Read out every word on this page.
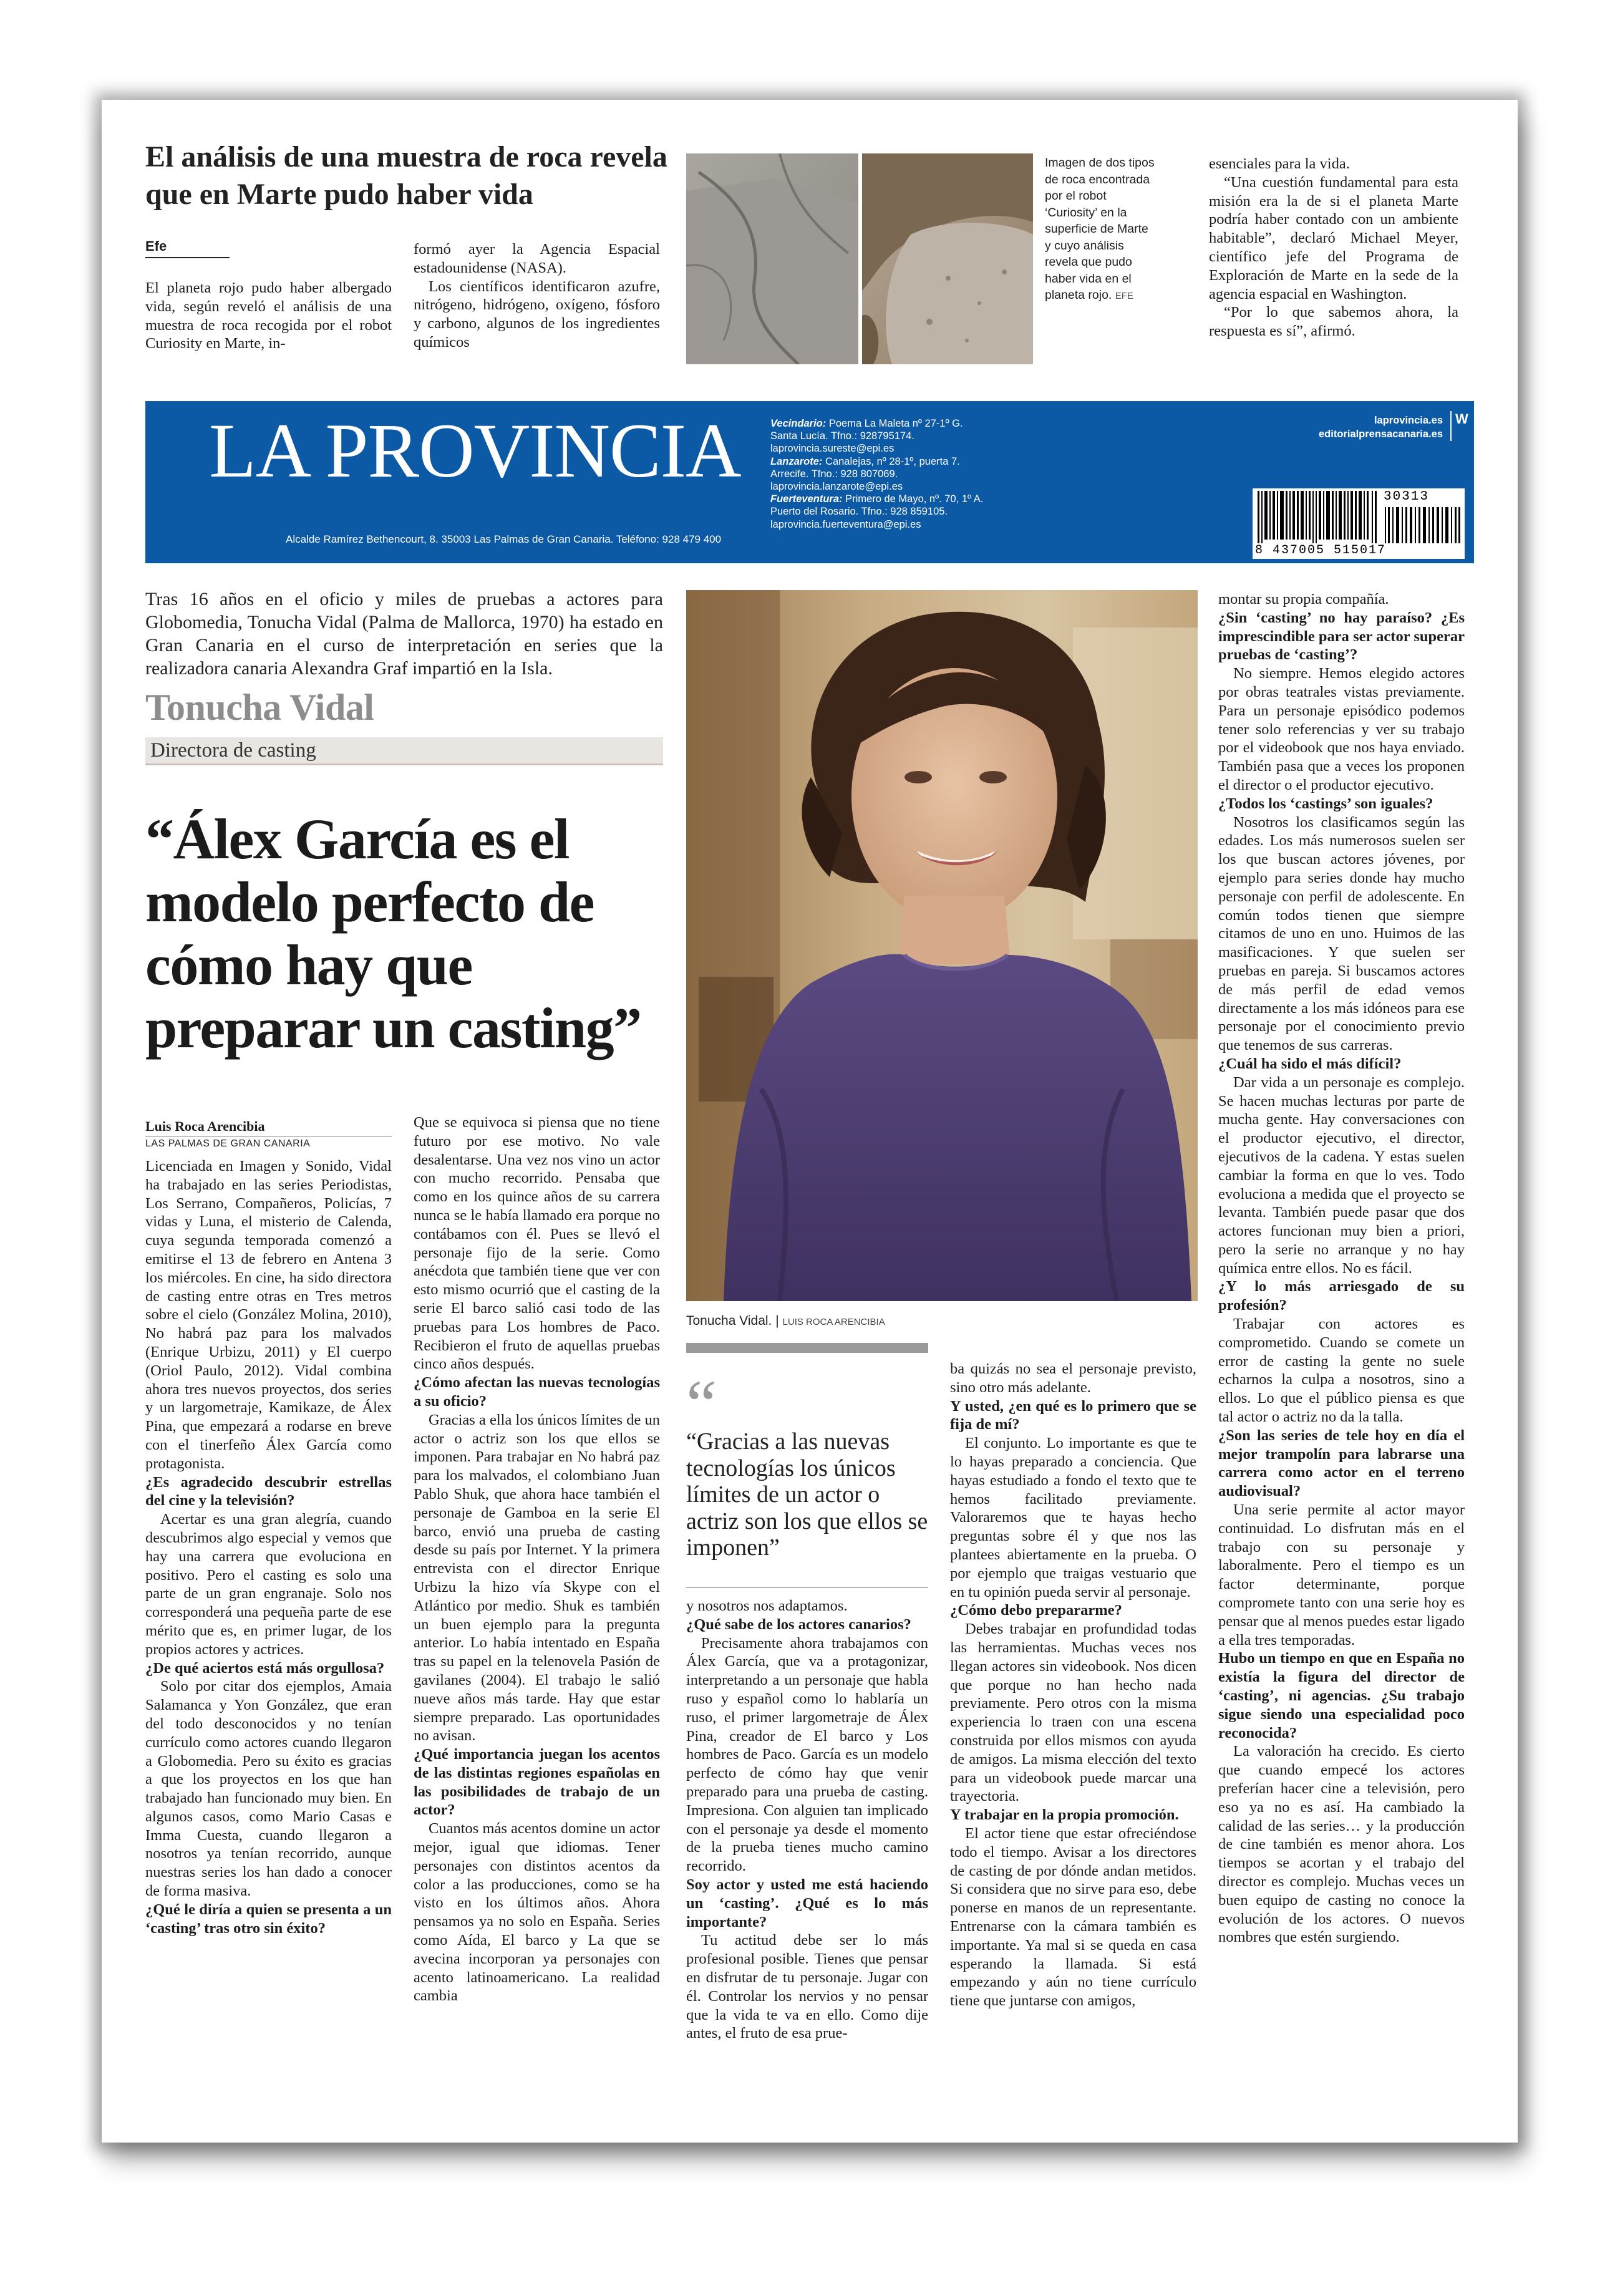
El análisis de una muestra de roca revela que en Marte pudo haber vida
Efe

El planeta rojo pudo haber albergado vida, según reveló el análisis de una muestra de roca recogida por el robot Curiosity en Marte, in-

formó ayer la Agencia Espacial estadounidense (NASA).

Los científicos identificaron azufre, nitrógeno, hidrógeno, oxígeno, fósforo y carbono, algunos de los ingredientes químicos

Imagen de dos tipos de roca encontrada por el robot ‘Curiosity’ en la superficie de Marte y cuyo análisis revela que pudo haber vida en el planeta rojo. EFE

esenciales para la vida.

“Una cuestión fundamental para esta misión era la de si el planeta Marte podría haber contado con un ambiente habitable”, declaró Michael Meyer, científico jefe del Programa de Exploración de Marte en la sede de la agencia espacial en Washington.

“Por lo que sabemos ahora, la respuesta es sí”, afirmó.

LA PROVINCIA
Alcalde Ramírez Bethencourt, 8. 35003 Las Palmas de Gran Canaria. Teléfono: 928 479 400
Vecindario: Poema La Maleta nº 27-1º G.
Santa Lucía. Tfno.: 928795174.
laprovincia.sureste@epi.es
Lanzarote: Canalejas, nº 28-1º, puerta 7.
Arrecife. Tfno.: 928 807069.
laprovincia.lanzarote@epi.es
Fuerteventura: Primero de Mayo, nº. 70, 1º A.
Puerto del Rosario. Tfno.: 928 859105.
laprovincia.fuerteventura@epi.es
laprovincia.es
editorialprensacanaria.es
W
30313
8 437005 515017
Tras 16 años en el oficio y miles de pruebas a actores para Globomedia, Tonucha Vidal (Palma de Mallorca, 1970) ha estado en Gran Canaria en el curso de interpretación en series que la realizadora canaria Alexandra Graf impartió en la Isla.
Tonucha Vidal
Directora de casting
“Álex García es el modelo perfecto de cómo hay que preparar un casting”
Luis Roca Arencibia
LAS PALMAS DE GRAN CANARIA

Licenciada en Imagen y Sonido, Vidal ha trabajado en las series Periodistas, Los Serrano, Compañeros, Policías, 7 vidas y Luna, el misterio de Calenda, cuya segunda temporada comenzó a emitirse el 13 de febrero en Antena 3 los miércoles. En cine, ha sido directora de casting entre otras en Tres metros sobre el cielo (González Molina, 2010), No habrá paz para los malvados (Enrique Urbizu, 2011) y El cuerpo (Oriol Paulo, 2012). Vidal combina ahora tres nuevos proyectos, dos series y un largometraje, Kamikaze, de Álex Pina, que empezará a rodarse en breve con el tinerfeño Álex García como protagonista.

¿Es agradecido descubrir estrellas del cine y la televisión?

Acertar es una gran alegría, cuando descubrimos algo especial y vemos que hay una carrera que evoluciona en positivo. Pero el casting es solo una parte de un gran engranaje. Solo nos corresponderá una pequeña parte de ese mérito que es, en primer lugar, de los propios actores y actrices.

¿De qué aciertos está más orgullosa?

Solo por citar dos ejemplos, Amaia Salamanca y Yon González, que eran del todo desconocidos y no tenían currículo como actores cuando llegaron a Globomedia. Pero su éxito es gracias a que los proyectos en los que han trabajado han funcionado muy bien. En algunos casos, como Mario Casas e Imma Cuesta, cuando llegaron a nosotros ya tenían recorrido, aunque nuestras series los han dado a conocer de forma masiva.

¿Qué le diría a quien se presenta a un ‘casting’ tras otro sin éxito?

Que se equivoca si piensa que no tiene futuro por ese motivo. No vale desalentarse. Una vez nos vino un actor con mucho recorrido. Pensaba que como en los quince años de su carrera nunca se le había llamado era porque no contábamos con él. Pues se llevó el personaje fijo de la serie. Como anécdota que también tiene que ver con esto mismo ocurrió que el casting de la serie El barco salió casi todo de las pruebas para Los hombres de Paco. Recibieron el fruto de aquellas pruebas cinco años después.

¿Cómo afectan las nuevas tecnologías a su oficio?

Gracias a ella los únicos límites de un actor o actriz son los que ellos se imponen. Para trabajar en No habrá paz para los malvados, el colombiano Juan Pablo Shuk, que ahora hace también el personaje de Gamboa en la serie El barco, envió una prueba de casting desde su país por Internet. Y la primera entrevista con el director Enrique Urbizu la hizo vía Skype con el Atlántico por medio. Shuk es también un buen ejemplo para la pregunta anterior. Lo había intentado en España tras su papel en la telenovela Pasión de gavilanes (2004). El trabajo le salió nueve años más tarde. Hay que estar siempre preparado. Las oportunidades no avisan.

¿Qué importancia juegan los acentos de las distintas regiones españolas en las posibilidades de trabajo de un actor?

Cuantos más acentos domine un actor mejor, igual que idiomas. Tener personajes con distintos acentos da color a las producciones, como se ha visto en los últimos años. Ahora pensamos ya no solo en España. Series como Aída, El barco y La que se avecina incorporan ya personajes con acento latinoamericano. La realidad cambia

Tonucha Vidal. | LUIS ROCA ARENCIBIA
“
“Gracias a las nuevas tecnologías los únicos límites de un actor o actriz son los que ellos se imponen”

y nosotros nos adaptamos.

¿Qué sabe de los actores canarios?

Precisamente ahora trabajamos con Álex García, que va a protagonizar, interpretando a un personaje que habla ruso y español como lo hablaría un ruso, el primer largometraje de Álex Pina, creador de El barco y Los hombres de Paco. García es un modelo perfecto de cómo hay que venir preparado para una prueba de casting. Impresiona. Con alguien tan implicado con el personaje ya desde el momento de la prueba tienes mucho camino recorrido.

Soy actor y usted me está haciendo un ‘casting’. ¿Qué es lo más importante?

Tu actitud debe ser lo más profesional posible. Tienes que pensar en disfrutar de tu personaje. Jugar con él. Controlar los nervios y no pensar que la vida te va en ello. Como dije antes, el fruto de esa prue-

ba quizás no sea el personaje previsto, sino otro más adelante.

Y usted, ¿en qué es lo primero que se fija de mí?

El conjunto. Lo importante es que te lo hayas preparado a conciencia. Que hayas estudiado a fondo el texto que te hemos facilitado previamente. Valoraremos que te hayas hecho preguntas sobre él y que nos las plantees abiertamente en la prueba. O por ejemplo que traigas vestuario que en tu opinión pueda servir al personaje.

¿Cómo debo prepararme?

Debes trabajar en profundidad todas las herramientas. Muchas veces nos llegan actores sin videobook. Nos dicen que porque no han hecho nada previamente. Pero otros con la misma experiencia lo traen con una escena construida por ellos mismos con ayuda de amigos. La misma elección del texto para un videobook puede marcar una trayectoria.

Y trabajar en la propia promoción.

El actor tiene que estar ofreciéndose todo el tiempo. Avisar a los directores de casting de por dónde andan metidos. Si considera que no sirve para eso, debe ponerse en manos de un representante. Entrenarse con la cámara también es importante. Ya mal si se queda en casa esperando la llamada. Si está empezando y aún no tiene currículo tiene que juntarse con amigos,

montar su propia compañía.

¿Sin ‘casting’ no hay paraíso? ¿Es imprescindible para ser actor superar pruebas de ‘casting’?

No siempre. Hemos elegido actores por obras teatrales vistas previamente. Para un personaje episódico podemos tener solo referencias y ver su trabajo por el videobook que nos haya enviado. También pasa que a veces los proponen el director o el productor ejecutivo.

¿Todos los ‘castings’ son iguales?

Nosotros los clasificamos según las edades. Los más numerosos suelen ser los que buscan actores jóvenes, por ejemplo para series donde hay mucho personaje con perfil de adolescente. En común todos tienen que siempre citamos de uno en uno. Huimos de las masificaciones. Y que suelen ser pruebas en pareja. Si buscamos actores de más perfil de edad vemos directamente a los más idóneos para ese personaje por el conocimiento previo que tenemos de sus carreras.

¿Cuál ha sido el más difícil?

Dar vida a un personaje es complejo. Se hacen muchas lecturas por parte de mucha gente. Hay conversaciones con el productor ejecutivo, el director, ejecutivos de la cadena. Y estas suelen cambiar la forma en que lo ves. Todo evoluciona a medida que el proyecto se levanta. También puede pasar que dos actores funcionan muy bien a priori, pero la serie no arranque y no hay química entre ellos. No es fácil.

¿Y lo más arriesgado de su profesión?

Trabajar con actores es comprometido. Cuando se comete un error de casting la gente no suele echarnos la culpa a nosotros, sino a ellos. Lo que el público piensa es que tal actor o actriz no da la talla.

¿Son las series de tele hoy en día el mejor trampolín para labrarse una carrera como actor en el terreno audiovisual?

Una serie permite al actor mayor continuidad. Lo disfrutan más en el trabajo con su personaje y laboralmente. Pero el tiempo es un factor determinante, porque compromete tanto con una serie hoy es pensar que al menos puedes estar ligado a ella tres temporadas.

Hubo un tiempo en que en España no existía la figura del director de ‘casting’, ni agencias. ¿Su trabajo sigue siendo una especialidad poco reconocida?

La valoración ha crecido. Es cierto que cuando empecé los actores preferían hacer cine a televisión, pero eso ya no es así. Ha cambiado la calidad de las series… y la producción de cine también es menor ahora. Los tiempos se acortan y el trabajo del director es complejo. Muchas veces un buen equipo de casting no conoce la evolución de los actores. O nuevos nombres que estén surgiendo.
